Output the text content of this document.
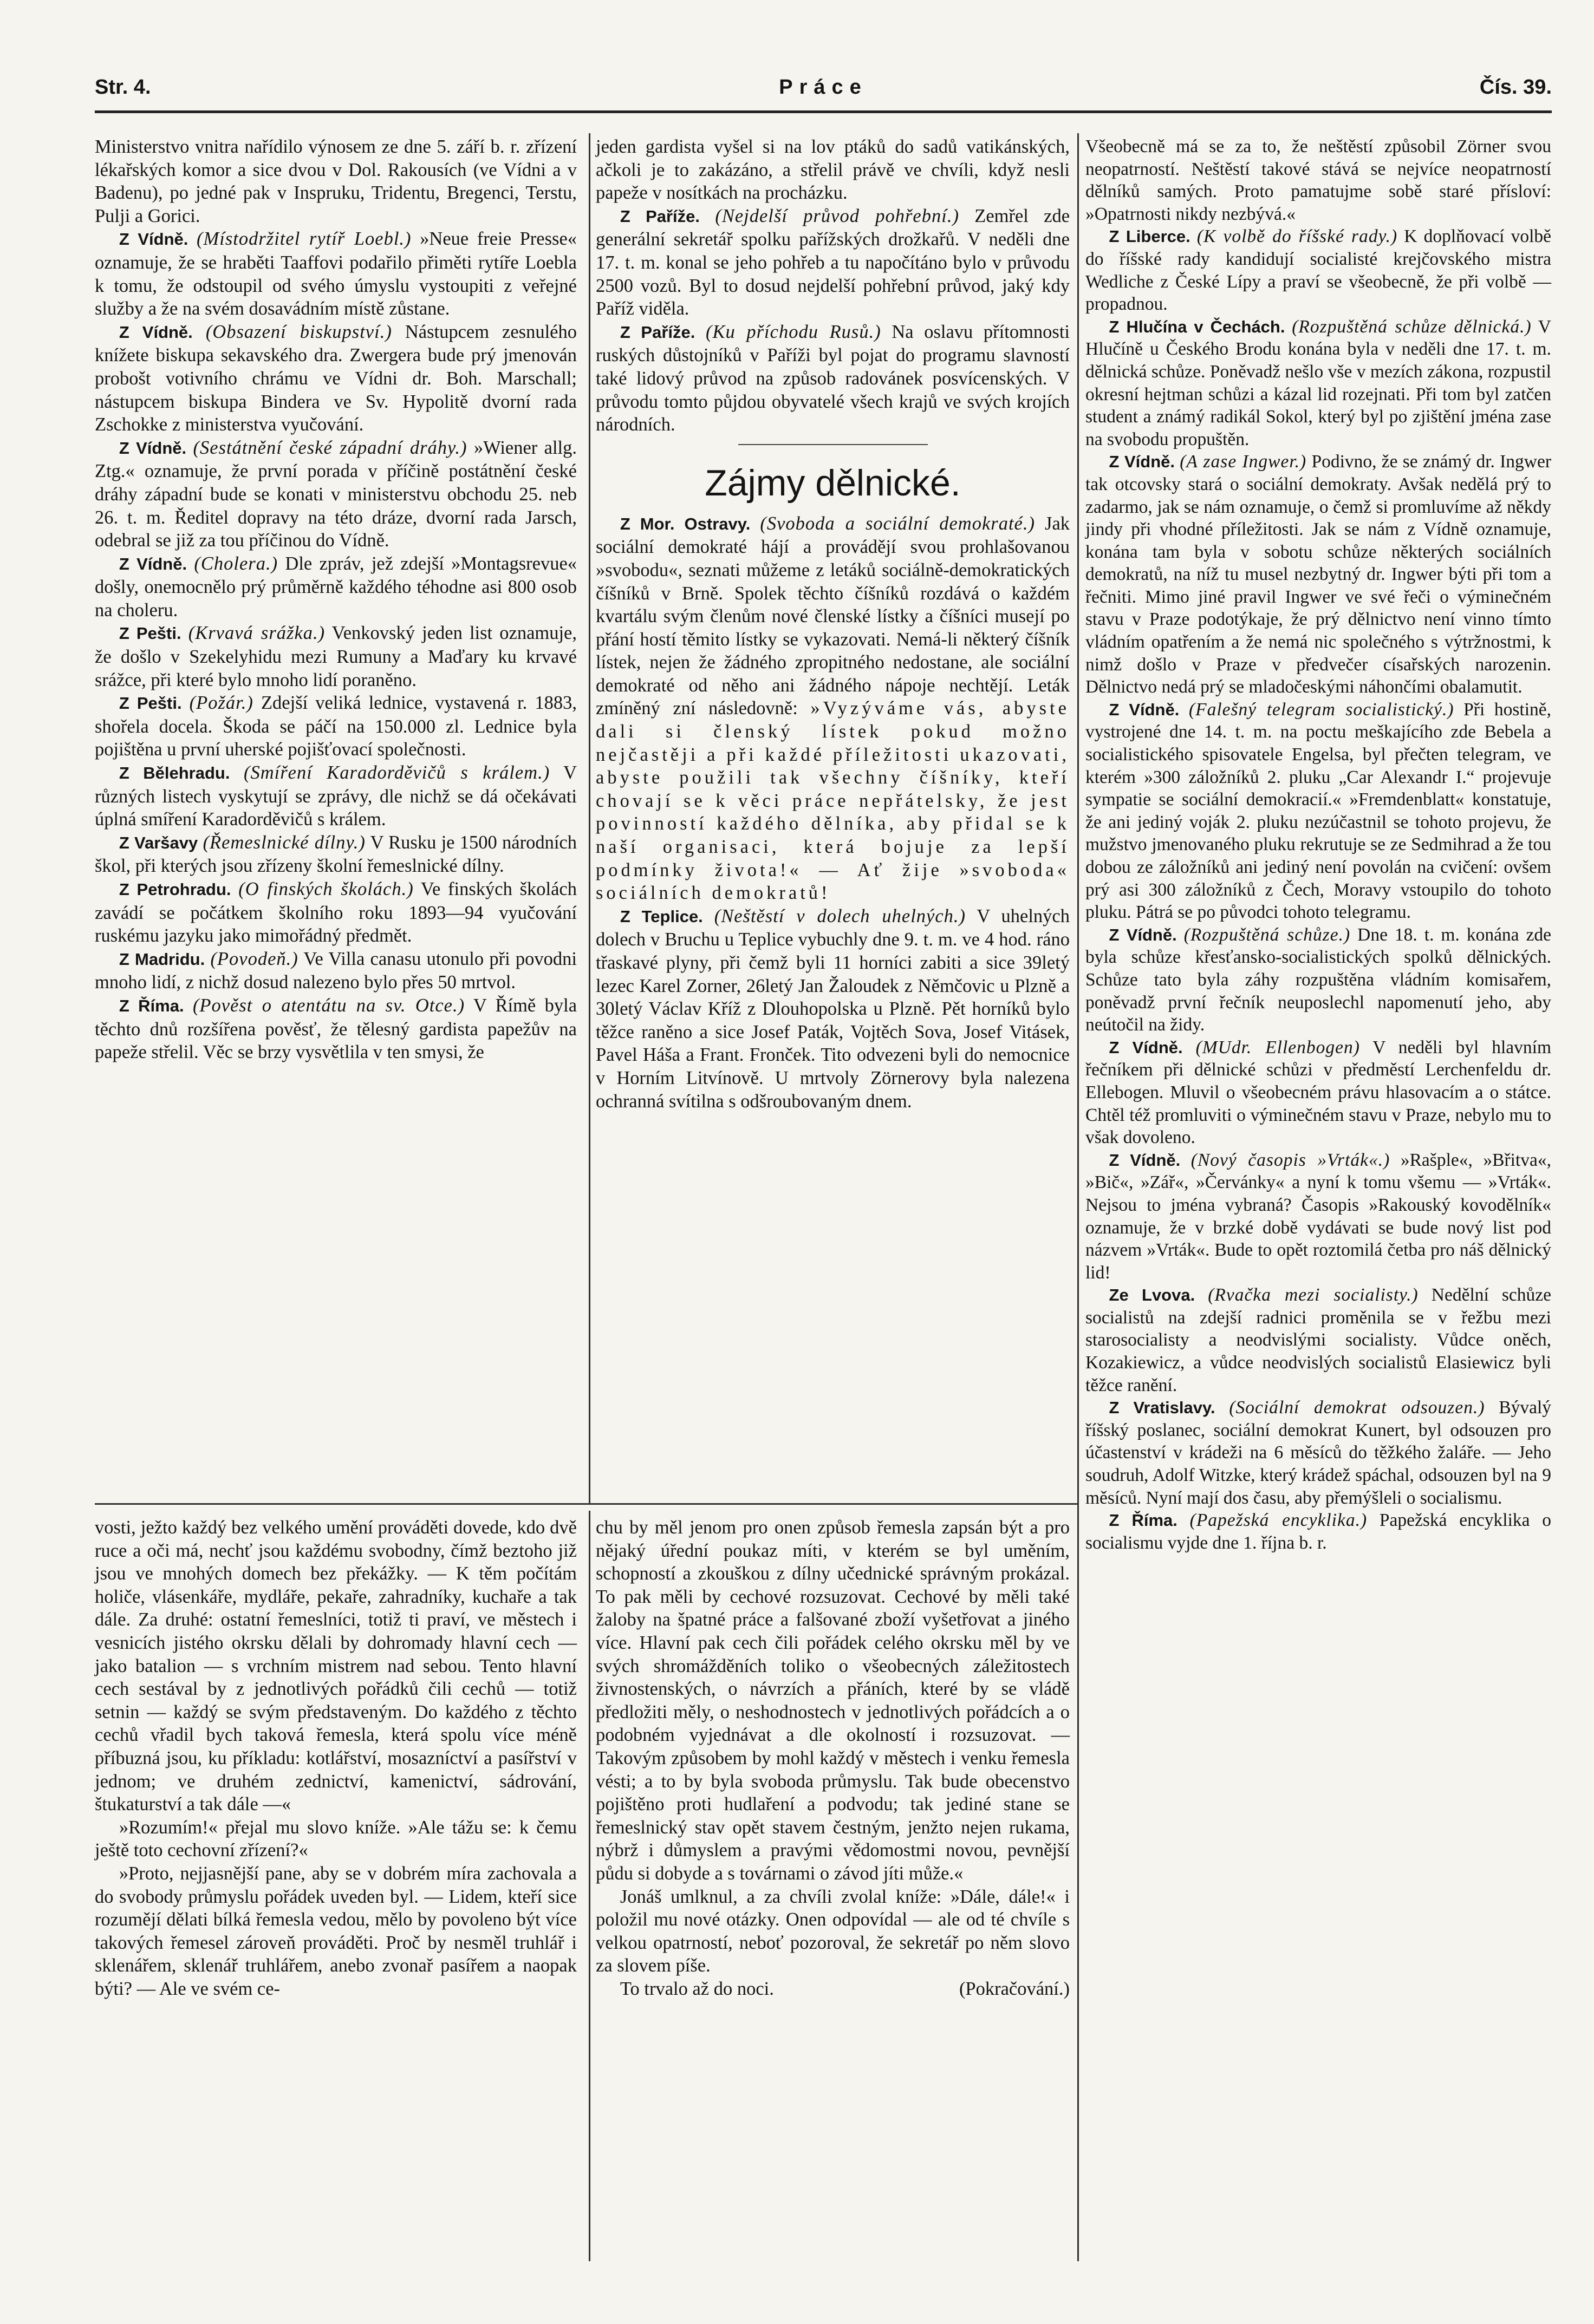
Str. 4.	Práce	Čís. 39.

Ministerstvo vnitra nařídilo výnosem ze dne 5. září b. r. zřízení lékařských komor a sice dvou v Dol. Rakousích (ve Vídni a v Badenu), po jedné pak v Inspruku, Tridentu, Bregenci, Terstu, Pulji a Gorici.

Z Vídně. (Místodržitel rytíř Loebl.) »Neue freie Presse« oznamuje, že se hraběti Taaffovi podařilo přiměti rytíře Loebla k tomu, že odstoupil od svého úmyslu vystoupiti z veřejné služby a že na svém dosavádním místě zůstane.

Z Vídně. (Obsazení biskupství.) Nástupcem zesnulého knížete biskupa sekavského dra. Zwergera bude prý jmenován probošt votivního chrámu ve Vídni dr. Boh. Marschall; nástupcem biskupa Bindera ve Sv. Hypolitě dvorní rada Zschokke z ministerstva vyučování.

Z Vídně. (Sestátnění české západní dráhy.) »Wiener allg. Ztg.« oznamuje, že první porada v příčině postátnění české dráhy západní bude se konati v ministerstvu obchodu 25. neb 26. t. m. Ředitel dopravy na této dráze, dvorní rada Jarsch, odebral se již za tou příčinou do Vídně.

Z Vídně. (Cholera.) Dle zpráv, jež zdejší »Montagsrevue« došly, onemocnělo prý průměrně každého téhodne asi 800 osob na choleru.

Z Pešti. (Krvavá srážka.) Venkovský jeden list oznamuje, že došlo v Szekelyhidu mezi Rumuny a Maďary ku krvavé srážce, při které bylo mnoho lidí poraněno.

Z Pešti. (Požár.) Zdejší veliká lednice, vystavená r. 1883, shořela docela. Škoda se páčí na 150.000 zl. Lednice byla pojištěna u první uherské pojišťovací společnosti.

Z Bělehradu. (Smíření Karadorděvičů s králem.) V různých listech vyskytují se zprávy, dle nichž se dá očekávati úplná smíření Karadorděvičů s králem.

Z Varšavy (Řemeslnické dílny.) V Rusku je 1500 národních škol, při kterých jsou zřízeny školní řemeslnické dílny.

Z Petrohradu. (O finských školách.) Ve finských školách zavádí se počátkem školního roku 1893—94 vyučování ruskému jazyku jako mimořádný předmět.

Z Madridu. (Povodeň.) Ve Villa canasu utonulo při povodni mnoho lidí, z nichž dosud nalezeno bylo přes 50 mrtvol.

Z Říma. (Pověst o atentátu na sv. Otce.) V Římě byla těchto dnů rozšířena pověsť, že tělesný gardista papežův na papeže střelil. Věc se brzy vysvětlila v ten smysi, že

jeden gardista vyšel si na lov ptáků do sadů vatikánských, ačkoli je to zakázáno, a střelil právě ve chvíli, když nesli papeže v nosítkách na procházku.

Z Paříže. (Nejdelší průvod pohřební.) Zemřel zde generální sekretář spolku pařížských drožkařů. V neděli dne 17. t. m. konal se jeho pohřeb a tu napočítáno bylo v průvodu 2500 vozů. Byl to dosud nejdelší pohřební průvod, jaký kdy Paříž viděla.

Z Paříže. (Ku příchodu Rusů.) Na oslavu přítomnosti ruských důstojníků v Paříži byl pojat do programu slavností také lidový průvod na způsob radovánek posvícenských. V průvodu tomto půjdou obyvatelé všech krajů ve svých krojích národních.

Zájmy dělnické.

Z Mor. Ostravy. (Svoboda a sociální demokraté.) Jak sociální demokraté hájí a provádějí svou prohlašovanou »svobodu«, seznati můžeme z letáků sociálně-demokratických číšníků v Brně. Spolek těchto číšníků rozdává o každém kvartálu svým členům nové členské lístky a číšníci musejí po přání hostí těmito lístky se vykazovati. Nemá-li některý číšník lístek, nejen že žádného zpropitného nedostane, ale sociální demokraté od něho ani žádného nápoje nechtějí. Leták zmíněný zní následovně: »Vyzýváme vás, abyste dali si členský lístek pokud možno nejčastěji a při každé příležitosti ukazovati, abyste použili tak všechny číšníky, kteří chovají se k věci práce nepřátelsky, že jest povinností každého dělníka, aby přidal se k naší organisaci, která bojuje za lepší podmínky života!« — Ať žije »svoboda« sociálních demokratů!

Z Teplice. (Neštěstí v dolech uhelných.) V uhelných dolech v Bruchu u Teplice vybuchly dne 9. t. m. ve 4 hod. ráno třaskavé plyny, při čemž byli 11 horníci zabiti a sice 39letý lezec Karel Zorner, 26letý Jan Žaloudek z Němčovic u Plzně a 30letý Václav Kříž z Dlouhopolska u Plzně. Pět horníků bylo těžce raněno a sice Josef Paták, Vojtěch Sova, Josef Vitásek, Pavel Háša a Frant. Fronček. Tito odvezeni byli do nemocnice v Horním Litvínově. U mrtvoly Zörnerovy byla nalezena ochranná svítilna s odšroubovaným dnem.

Všeobecně má se za to, že neštěstí způsobil Zörner svou neopatrností. Neštěstí takové stává se nejvíce neopatrností dělníků samých. Proto pamatujme sobě staré přísloví: »Opatrnosti nikdy nezbývá.«

Z Liberce. (K volbě do říšské rady.) K doplňovací volbě do říšské rady kandidují socialisté krejčovského mistra Wedliche z České Lípy a praví se všeobecně, že při volbě — propadnou.

Z Hlučína v Čechách. (Rozpuštěná schůze dělnická.) V Hlučíně u Českého Brodu konána byla v neděli dne 17. t. m. dělnická schůze. Poněvadž nešlo vše v mezích zákona, rozpustil okresní hejtman schůzi a kázal lid rozejnati. Při tom byl zatčen student a známý radikál Sokol, který byl po zjištění jména zase na svobodu propuštěn.

Z Vídně. (A zase Ingwer.) Podivno, že se známý dr. Ingwer tak otcovsky stará o sociální demokraty. Avšak nedělá prý to zadarmo, jak se nám oznamuje, o čemž si promluvíme až někdy jindy při vhodné příležitosti. Jak se nám z Vídně oznamuje, konána tam byla v sobotu schůze některých sociálních demokratů, na níž tu musel nezbytný dr. Ingwer býti při tom a řečniti. Mimo jiné pravil Ingwer ve své řeči o výminečném stavu v Praze podotýkaje, že prý dělnictvo není vinno tímto vládním opatřením a že nemá nic společného s výtržnostmi, k nimž došlo v Praze v předvečer císařských narozenin. Dělnictvo nedá prý se mladočeskými náhončími obalamutit.

Z Vídně. (Falešný telegram socialistický.) Při hostině, vystrojené dne 14. t. m. na poctu meškajícího zde Bebela a socialistického spisovatele Engelsa, byl přečten telegram, ve kterém »300 záložníků 2. pluku „Car Alexandr I.“ projevuje sympatie se sociální demokracií.« »Fremdenblatt« konstatuje, že ani jediný voják 2. pluku nezúčastnil se tohoto projevu, že mužstvo jmenovaného pluku rekrutuje se ze Sedmihrad a že tou dobou ze záložníků ani jediný není povolán na cvičení: ovšem prý asi 300 záložníků z Čech, Moravy vstoupilo do tohoto pluku. Pátrá se po původci tohoto telegramu.

Z Vídně. (Rozpuštěná schůze.) Dne 18. t. m. konána zde byla schůze křesťansko-socialistických spolků dělnických. Schůze tato byla záhy rozpuštěna vládním komisařem, poněvadž první řečník neuposlechl napomenutí jeho, aby neútočil na židy.

Z Vídně. (MUdr. Ellenbogen) V neděli byl hlavním řečníkem při dělnické schůzi v předměstí Lerchenfeldu dr. Ellebogen. Mluvil o všeobecném právu hlasovacím a o státce. Chtěl též promluviti o výminečném stavu v Praze, nebylo mu to však dovoleno.

Z Vídně. (Nový časopis »Vrták«.) »Rašple«, »Břitva«, »Bič«, »Zář«, »Červánky« a nyní k tomu všemu — »Vrták«. Nejsou to jména vybraná? Časopis »Rakouský kovodělník« oznamuje, že v brzké době vydávati se bude nový list pod názvem »Vrták«. Bude to opět roztomilá četba pro náš dělnický lid!

Ze Lvova. (Rvačka mezi socialisty.) Nedělní schůze socialistů na zdejší radnici proměnila se v řežbu mezi starosocialisty a neodvislými socialisty. Vůdce oněch, Kozakiewicz, a vůdce neodvislých socialistů Elasiewicz byli těžce ranění.

Z Vratislavy. (Sociální demokrat odsouzen.) Bývalý říšský poslanec, sociální demokrat Kunert, byl odsouzen pro účastenství v krádeži na 6 měsíců do těžkého žaláře. — Jeho soudruh, Adolf Witzke, který krádež spáchal, odsouzen byl na 9 měsíců. Nyní mají dos času, aby přemýšleli o socialismu.

Z Říma. (Papežská encyklika.) Papežská encyklika o socialismu vyjde dne 1. října b. r.

vosti, ježto každý bez velkého umění prováděti dovede, kdo dvě ruce a oči má, nechť jsou každému svobodny, čímž beztoho již jsou ve mnohých domech bez překážky. — K těm počítám holiče, vlásenkáře, mydláře, pekaře, zahradníky, kuchaře a tak dále. Za druhé: ostatní řemeslníci, totiž ti praví, ve městech i vesnicích jistého okrsku dělali by dohromady hlavní cech — jako batalion — s vrchním mistrem nad sebou. Tento hlavní cech sestával by z jednotlivých pořádků čili cechů — totiž setnin — každý se svým představeným. Do každého z těchto cechů vřadil bych taková řemesla, která spolu více méně příbuzná jsou, ku příkladu: kotlářství, mosazníctví a pasířství v jednom; ve druhém zednictví, kamenictví, sádrování, štukaturství a tak dále —«

»Rozumím!« přejal mu slovo kníže. »Ale tážu se: k čemu ještě toto cechovní zřízení?«

»Proto, nejjasnější pane, aby se v dobrém míra zachovala a do svobody průmyslu pořádek uveden byl. — Lidem, kteří sice rozumějí dělati bílká řemesla vedou, mělo by povoleno být více takových řemesel zároveň prováděti. Proč by nesměl truhlář i sklenářem, sklenář truhlářem, anebo zvonař pasířem a naopak býti? — Ale ve svém ce-

chu by měl jenom pro onen způsob řemesla zapsán být a pro nějaký úřední poukaz míti, v kterém se byl uměním, schopností a zkouškou z dílny učednické správným prokázal. To pak měli by cechové rozsuzovat. Cechové by měli také žaloby na špatné práce a falšované zboží vyšetřovat a jiného více. Hlavní pak cech čili pořádek celého okrsku měl by ve svých shromážděních toliko o všeobecných záležitostech živnostenských, o návrzích a přáních, které by se vládě předložiti měly, o neshodnostech v jednotlivých pořádcích a o podobném vyjednávat a dle okolností i rozsuzovat. — Takovým způsobem by mohl každý v městech i venku řemesla vésti; a to by byla svoboda průmyslu. Tak bude obecenstvo pojištěno proti hudlaření a podvodu; tak jediné stane se řemeslnický stav opět stavem čestným, jenžto nejen rukama, nýbrž i důmyslem a pravými vědomostmi novou, pevnější půdu si dobyde a s továrnami o závod jíti může.«

Jonáš umlknul, a za chvíli zvolal kníže: »Dále, dále!« i položil mu nové otázky. Onen odpovídal — ale od té chvíle s velkou opatrností, neboť pozoroval, že sekretář po něm slovo za slovem píše.

To trvalo až do noci.	(Pokračování.)
